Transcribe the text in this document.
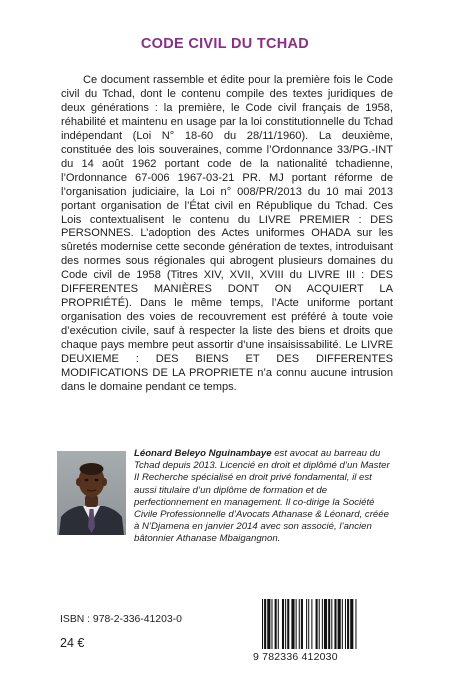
CODE CIVIL DU TCHAD

Ce document rassemble et édite pour la première fois le Code civil du Tchad, dont le contenu compile des textes juridiques de deux générations : la première, le Code civil français de 1958, réhabilité et maintenu en usage par la loi constitutionnelle du Tchad indépendant (Loi N° 18-60 du 28/11/1960). La deuxième, constituée des lois souveraines, comme l’Ordonnance 33/PG.-INT du 14 août 1962 portant code de la nationalité tchadienne, l’Ordonnance 67-006 1967-03-21 PR. MJ portant réforme de l’organisation judiciaire, la Loi n° 008/PR/2013 du 10 mai 2013 portant organisation de l’État civil en République du Tchad. Ces Lois contextualisent le contenu du LIVRE PREMIER : DES PERSONNES. L’adoption des Actes uniformes OHADA sur les sûretés modernise cette seconde génération de textes, introduisant des normes sous régionales qui abrogent plusieurs domaines du Code civil de 1958 (Titres XIV, XVII, XVIII du LIVRE III : DES DIFFERENTES MANIÈRES DONT ON ACQUIERT LA PROPRIÉTÉ). Dans le même temps, l’Acte uniforme portant organisation des voies de recouvrement est préféré à toute voie d’exécution civile, sauf à respecter la liste des biens et droits que chaque pays membre peut assortir d’une insaisissabilité. Le LIVRE DEUXIEME : DES BIENS ET DES DIFFERENTES MODIFICATIONS DE LA PROPRIETE n’a connu aucune intrusion dans le domaine pendant ce temps.

Léonard Beleyo Nguinambaye est avocat au barreau du Tchad depuis 2013. Licencié en droit et diplômé d’un Master II Recherche spécialisé en droit privé fondamental, il est aussi titulaire d’un diplôme de formation et de perfectionnement en management. Il co-dirige la Société Civile Professionnelle d’Avocats Athanase & Léonard, créée à N’Djamena en janvier 2014 avec son associé, l’ancien bâtonnier Athanase Mbaigangnon.

ISBN : 978-2-336-41203-0
24 €
9 782336 412030
